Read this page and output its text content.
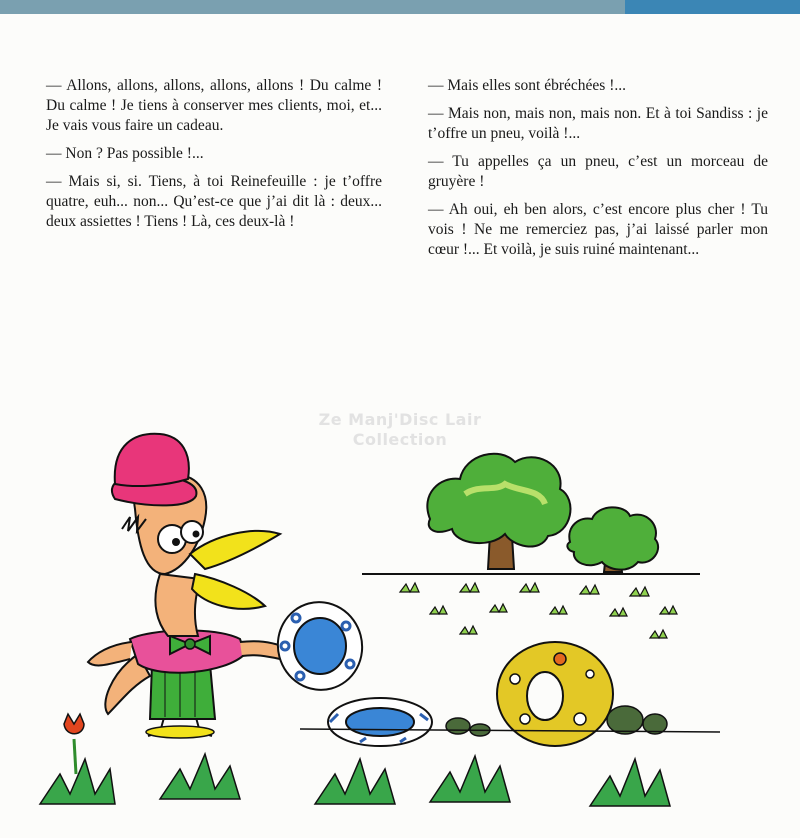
— Allons, allons, allons, allons, allons ! Du calme ! Du calme ! Je tiens à conserver mes clients, moi, et... Je vais vous faire un cadeau.

— Non ? Pas possible !...

— Mais si, si. Tiens, à toi Reinefeuille : je t’offre quatre, euh... non... Qu’est-ce que j’ai dit là : deux... deux assiettes ! Tiens ! Là, ces deux-là !

— Mais elles sont ébréchées !...

— Mais non, mais non, mais non. Et à toi Sandiss : je t’offre un pneu, voilà !...

— Tu appelles ça un pneu, c’est un morceau de gruyère !

— Ah oui, eh ben alors, c’est encore plus cher ! Tu vois ! Ne me remerciez pas, j’ai laissé parler mon cœur !... Et voilà, je suis ruiné maintenant...

Ze Manj'Disc Lair
Collection
